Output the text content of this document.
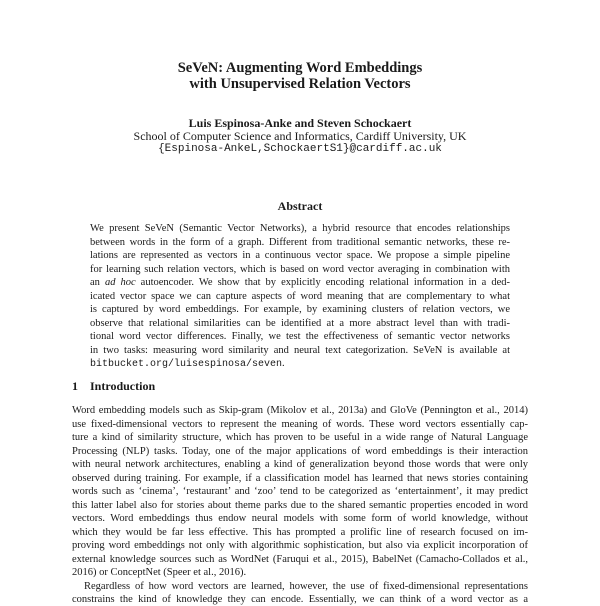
SeVeN: Augmenting Word Embeddings
with Unsupervised Relation Vectors
Luis Espinosa-Anke and Steven Schockaert
School of Computer Science and Informatics, Cardiff University, UK
{Espinosa-AnkeL,SchockaertS1}@cardiff.ac.uk
Abstract
We present SeVeN (Semantic Vector Networks), a hybrid resource that encodes relationships
between words in the form of a graph. Different from traditional semantic networks, these re-
lations are represented as vectors in a continuous vector space. We propose a simple pipeline
for learning such relation vectors, which is based on word vector averaging in combination with
an ad hoc autoencoder. We show that by explicitly encoding relational information in a ded-
icated vector space we can capture aspects of word meaning that are complementary to what
is captured by word embeddings. For example, by examining clusters of relation vectors, we
observe that relational similarities can be identified at a more abstract level than with tradi-
tional word vector differences. Finally, we test the effectiveness of semantic vector networks
in two tasks: measuring word similarity and neural text categorization. SeVeN is available at
bitbucket.org/luisespinosa/seven.
1 Introduction
Word embedding models such as Skip-gram (Mikolov et al., 2013a) and GloVe (Pennington et al., 2014)
use fixed-dimensional vectors to represent the meaning of words. These word vectors essentially cap-
ture a kind of similarity structure, which has proven to be useful in a wide range of Natural Language
Processing (NLP) tasks. Today, one of the major applications of word embeddings is their interaction
with neural network architectures, enabling a kind of generalization beyond those words that were only
observed during training. For example, if a classification model has learned that news stories containing
words such as ‘cinema’, ‘restaurant’ and ‘zoo’ tend to be categorized as ‘entertainment’, it may predict
this latter label also for stories about theme parks due to the shared semantic properties encoded in word
vectors. Word embeddings thus endow neural models with some form of world knowledge, without
which they would be far less effective. This has prompted a prolific line of research focused on im-
proving word embeddings not only with algorithmic sophistication, but also via explicit incorporation of
external knowledge sources such as WordNet (Faruqui et al., 2015), BabelNet (Camacho-Collados et al.,
2016) or ConceptNet (Speer et al., 2016).
Regardless of how word vectors are learned, however, the use of fixed-dimensional representations
constrains the kind of knowledge they can encode. Essentially, we can think of a word vector as a
